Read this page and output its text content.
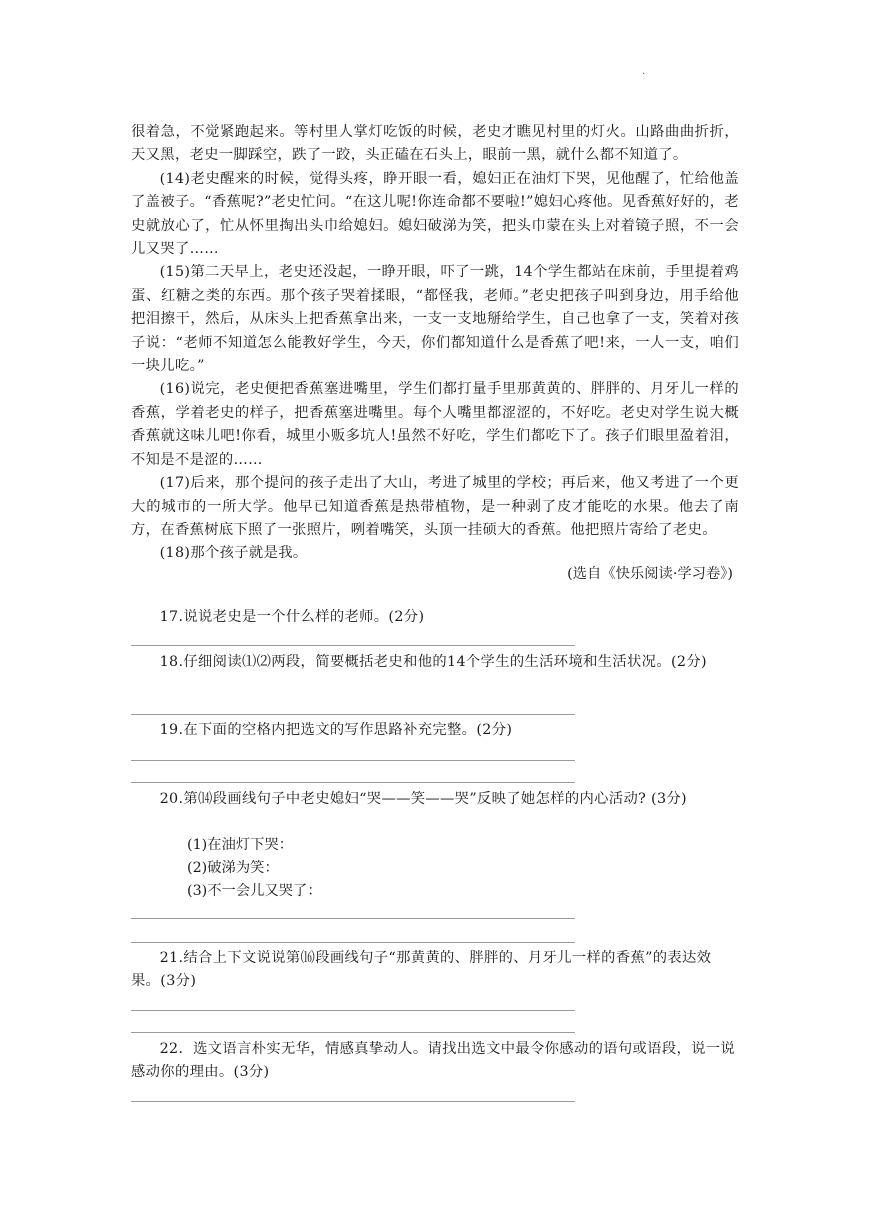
.

很着急，不觉紧跑起来。等村里人掌灯吃饭的时候，老史才瞧见村里的灯火。山路曲曲折折，天又黑，老史一脚踩空，跌了一跤，头正磕在石头上，眼前一黑，就什么都不知道了。

(14)老史醒来的时候，觉得头疼，睁开眼一看，媳妇正在油灯下哭，见他醒了，忙给他盖了盖被子。“香蕉呢?”老史忙问。“在这儿呢!你连命都不要啦!”媳妇心疼他。见香蕉好好的，老史就放心了，忙从怀里掏出头巾给媳妇。媳妇破涕为笑，把头巾蒙在头上对着镜子照，不一会儿又哭了……

(15)第二天早上，老史还没起，一睁开眼，吓了一跳，14个学生都站在床前，手里提着鸡蛋、红糖之类的东西。那个孩子哭着揉眼，“都怪我，老师。”老史把孩子叫到身边，用手给他把泪擦干，然后，从床头上把香蕉拿出来，一支一支地掰给学生，自己也拿了一支，笑着对孩子说：“老师不知道怎么能教好学生，今天，你们都知道什么是香蕉了吧!来，一人一支，咱们一块儿吃。”

(16)说完，老史便把香蕉塞进嘴里，学生们都打量手里那黄黄的、胖胖的、月牙儿一样的香蕉，学着老史的样子，把香蕉塞进嘴里。每个人嘴里都涩涩的，不好吃。老史对学生说大概香蕉就这味儿吧!你看，城里小贩多坑人!虽然不好吃，学生们都吃下了。孩子们眼里盈着泪，不知是不是涩的……

(17)后来，那个提问的孩子走出了大山，考进了城里的学校；再后来，他又考进了一个更大的城市的一所大学。他早已知道香蕉是热带植物，是一种剥了皮才能吃的水果。他去了南方，在香蕉树底下照了一张照片，咧着嘴笑，头顶一挂硕大的香蕉。他把照片寄给了老史。

(18)那个孩子就是我。

(选自《快乐阅读·学习卷》)

17.说说老史是一个什么样的老师。(2分)

18.仔细阅读⑴⑵两段，简要概括老史和他的14个学生的生活环境和生活状况。(2分)

19.在下面的空格内把选文的写作思路补充完整。(2分)

20.第⒁段画线句子中老史媳妇“哭——笑——哭”反映了她怎样的内心活动? (3分)

(1)在油灯下哭：

(2)破涕为笑：

(3)不一会儿又哭了：

21.结合上下文说说第⒃段画线句子“那黄黄的、胖胖的、月牙儿一样的香蕉”的表达效果。(3分)

22．选文语言朴实无华，情感真挚动人。请找出选文中最令你感动的语句或语段，说一说感动你的理由。(3分)
